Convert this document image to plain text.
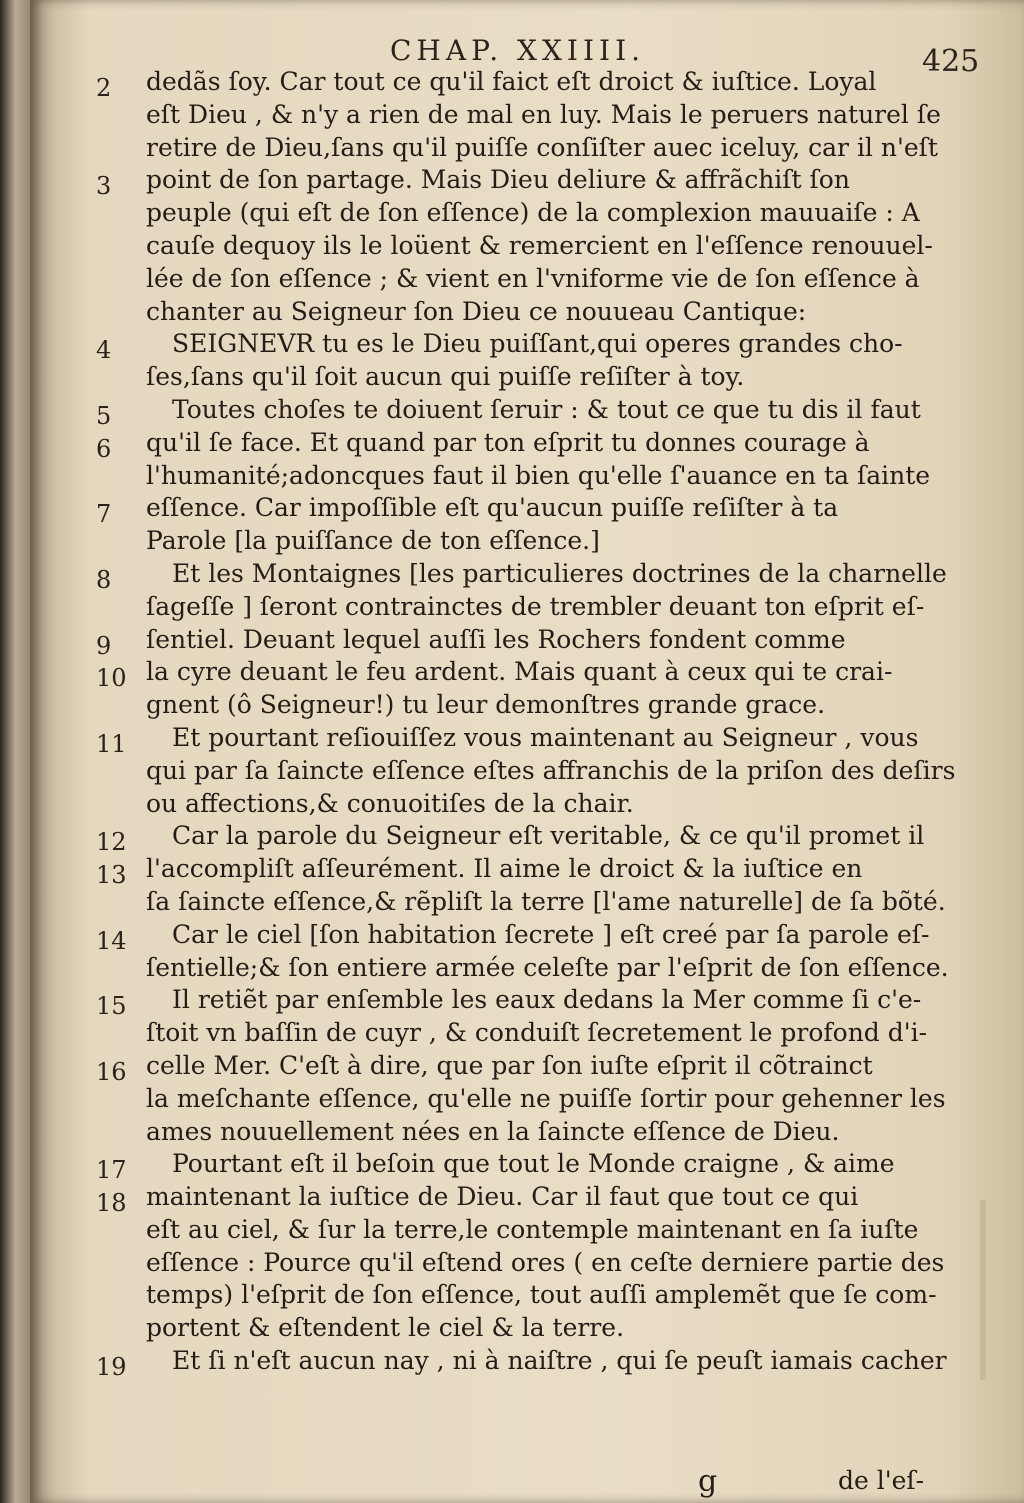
CHAP. XXIIII.	425
2	dedãs ſoy. Car tout ce qu'il faict eſt droict & iuſtice. Loyal
eſt Dieu , & n'y a rien de mal en luy. Mais le peruers naturel ſe
retire de Dieu,ſans qu'il puiſſe conſiſter auec iceluy, car il n'eſt
3	point de ſon partage. Mais Dieu deliure & affrãchiſt ſon
peuple (qui eſt de ſon eſſence) de la complexion mauuaiſe : A
cauſe dequoy ils le loüent & remercient en l'eſſence renouuel-
lée de ſon eſſence ; & vient en l'vniforme vie de ſon eſſence à
chanter au Seigneur ſon Dieu ce nouueau Cantique:
4	SEIGNEVR tu es le Dieu puiſſant,qui operes grandes cho-
ſes,ſans qu'il ſoit aucun qui puiſſe reſiſter à toy.
5	Toutes choſes te doiuent ſeruir : & tout ce que tu dis il faut
6	qu'il ſe face. Et quand par ton eſprit tu donnes courage à
l'humanité;adoncques faut il bien qu'elle ſ'auance en ta ſainte
7	eſſence. Car impoſſible eſt qu'aucun puiſſe reſiſter à ta
Parole [la puiſſance de ton eſſence.]
8	Et les Montaignes [les particulieres doctrines de la charnelle
ſageſſe ] ſeront contrainctes de trembler deuant ton eſprit eſ-
9	ſentiel. Deuant lequel auſſi les Rochers fondent comme
10 la cyre deuant le feu ardent. Mais quant à ceux qui te crai-
gnent (ô Seigneur!) tu leur demonſtres grande grace.
11	Et pourtant reſiouiſſez vous maintenant au Seigneur , vous
qui par ſa ſaincte eſſence eſtes affranchis de la priſon des deſirs
ou affections,& conuoitiſes de la chair.
12	Car la parole du Seigneur eſt veritable, & ce qu'il promet il
13 l'accompliſt aſſeurément. Il aime le droict & la iuſtice en
ſa ſaincte eſſence,& rẽpliſt la terre [l'ame naturelle] de ſa bõté.
14	Car le ciel [ſon habitation ſecrete ] eſt creé par ſa parole eſ-
ſentielle;& ſon entiere armée celeſte par l'eſprit de ſon eſſence.
15	Il retiẽt par enſemble les eaux dedans la Mer comme ſi c'e-
ſtoit vn baſſin de cuyr , & conduiſt ſecretement le profond d'i-
16 celle Mer. C'eſt à dire, que par ſon iuſte eſprit il cõtrainct
la meſchante eſſence, qu'elle ne puiſſe ſortir pour gehenner les
ames nouuellement nées en la ſaincte eſſence de Dieu.
17	Pourtant eſt il beſoin que tout le Monde craigne , & aime
18 maintenant la iuſtice de Dieu. Car il faut que tout ce qui
eſt au ciel, & ſur la terre,le contemple maintenant en ſa iuſte
eſſence : Pource qu'il eſtend ores ( en ceſte derniere partie des
temps) l'eſprit de ſon eſſence, tout auſſi amplemẽt que ſe com-
portent & eſtendent le ciel & la terre.
19	Et ſi n'eſt aucun nay , ni à naiſtre , qui ſe peuſt iamais cacher
g	de l'eſ-
